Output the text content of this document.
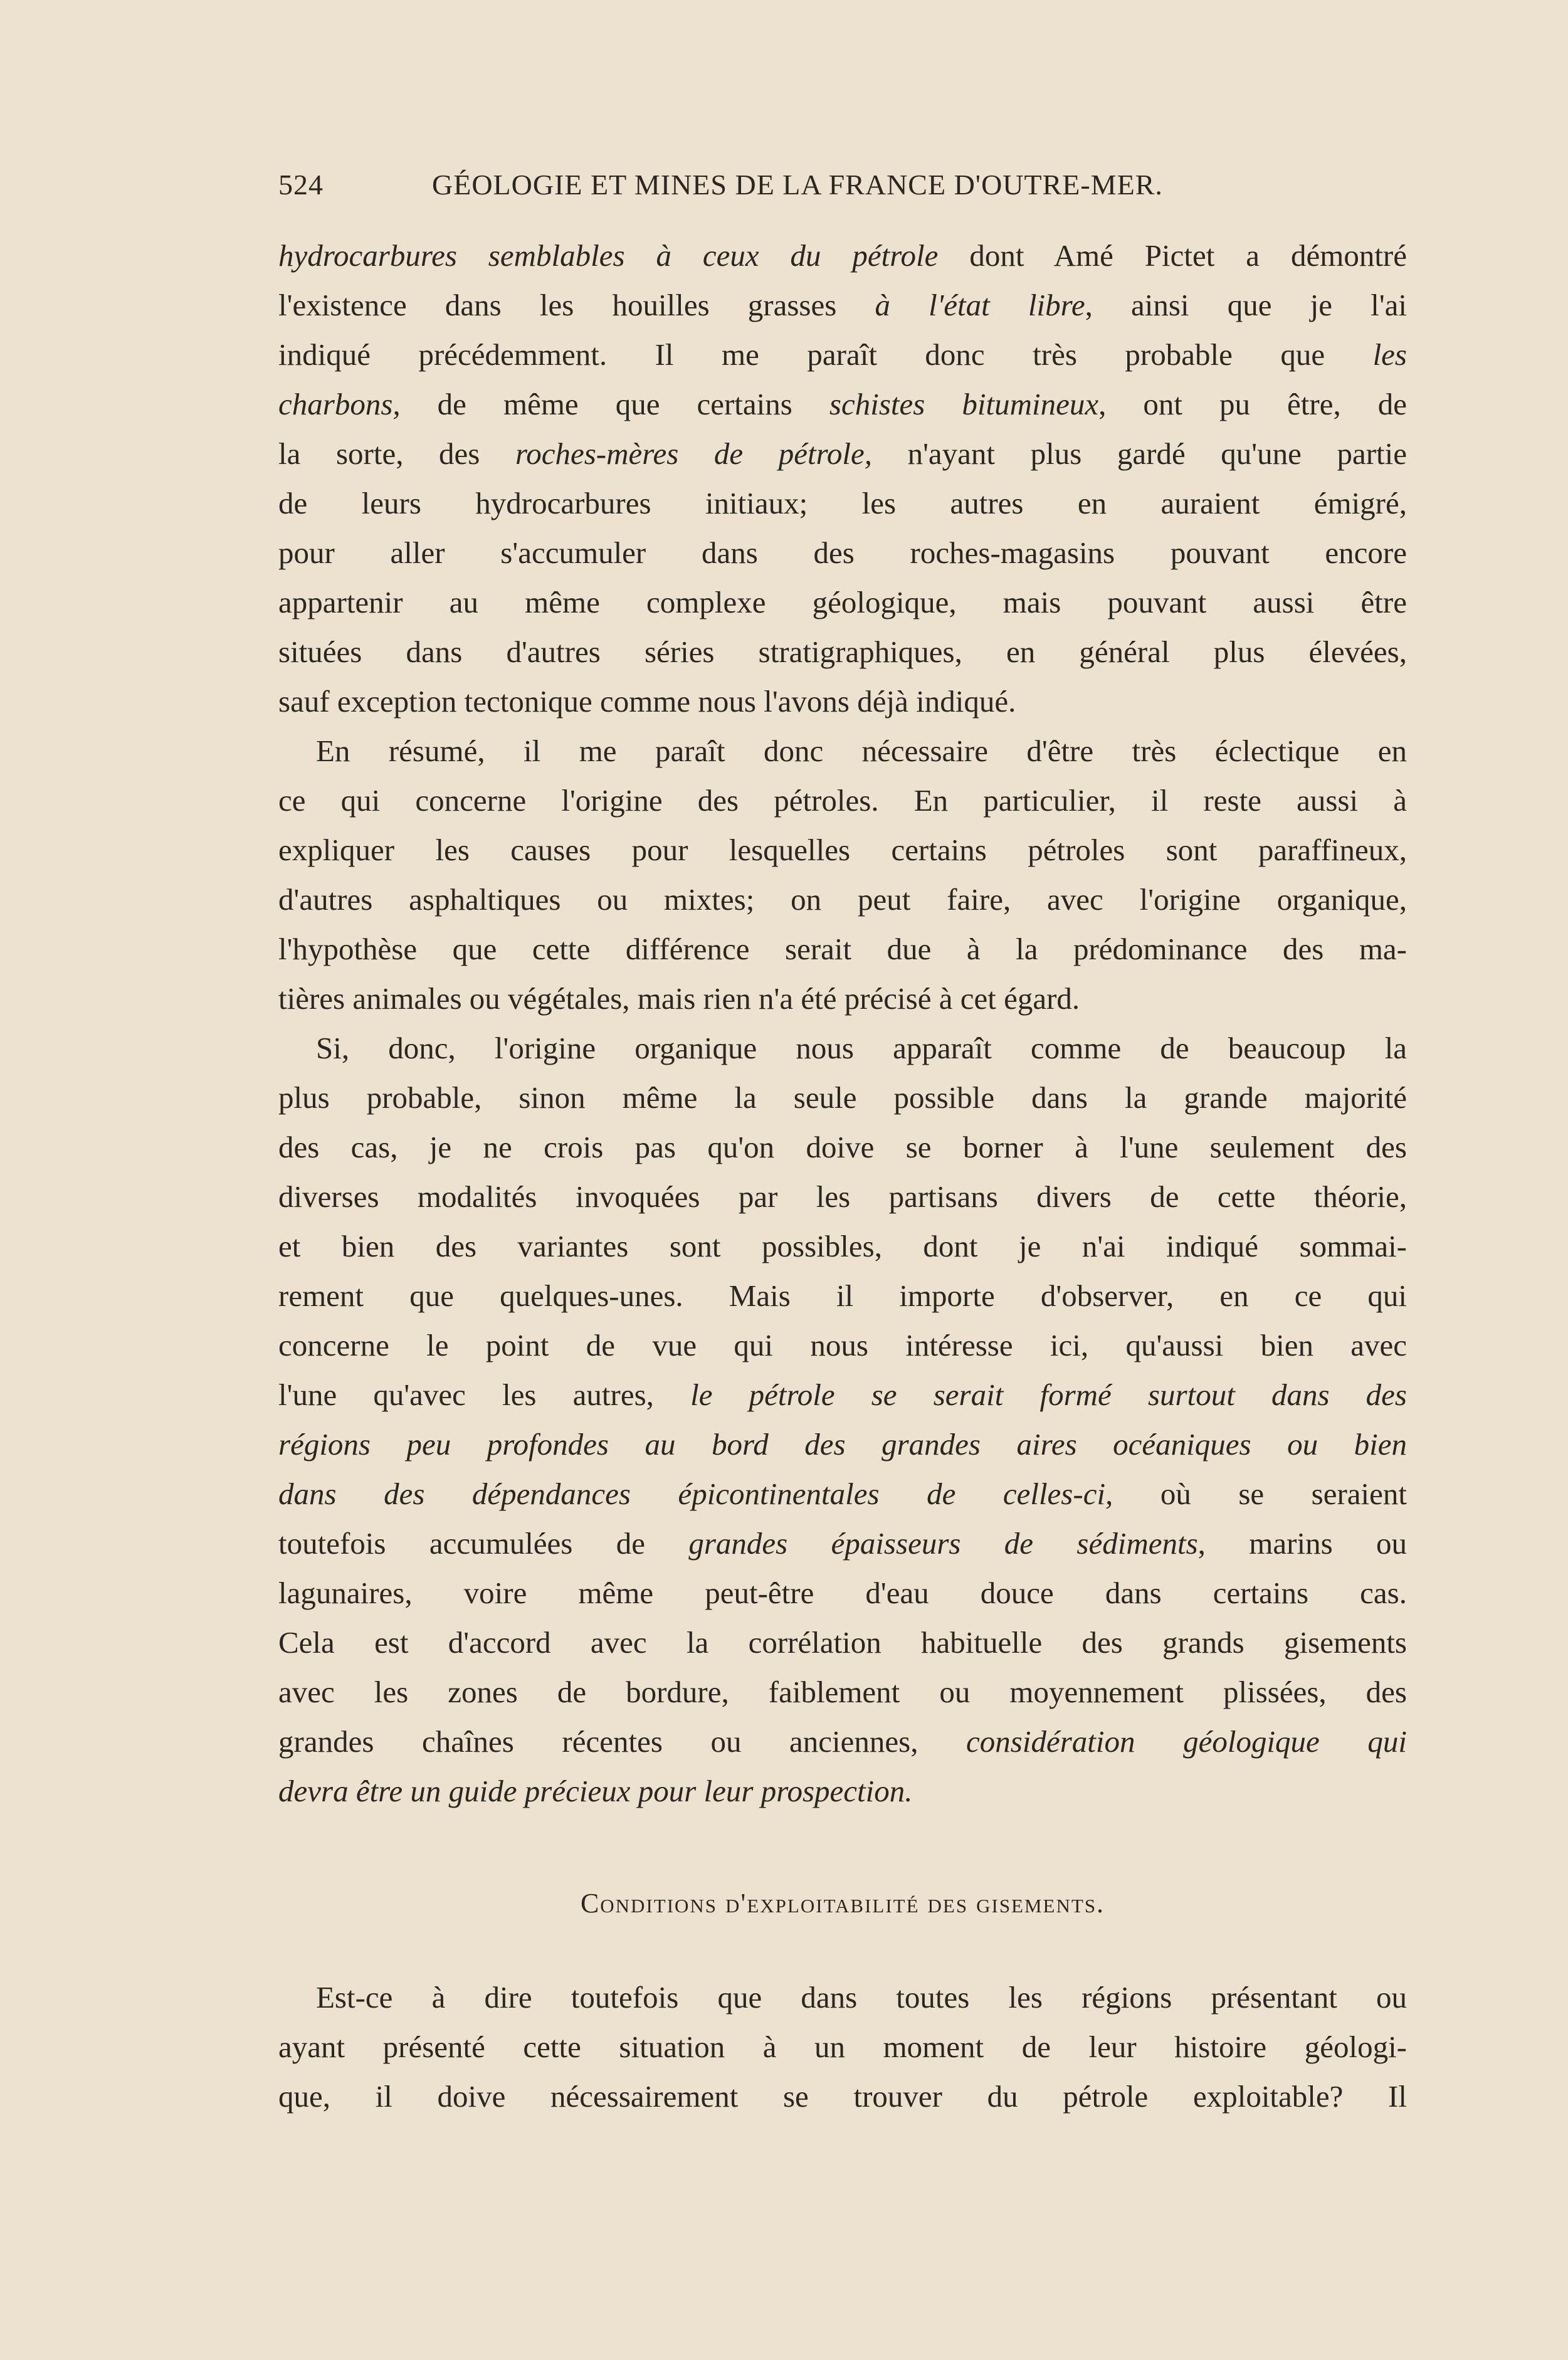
524	GÉOLOGIE ET MINES DE LA FRANCE D'OUTRE-MER.
hydrocarbures semblables à ceux du pétrole dont Amé Pictet a démontré
l'existence dans les houilles grasses à l'état libre, ainsi que je l'ai
indiqué précédemment. Il me paraît donc très probable que les
charbons, de même que certains schistes bitumineux, ont pu être, de
la sorte, des roches-mères de pétrole, n'ayant plus gardé qu'une partie
de leurs hydrocarbures initiaux; les autres en auraient émigré,
pour aller s'accumuler dans des roches-magasins pouvant encore
appartenir au même complexe géologique, mais pouvant aussi être
situées dans d'autres séries stratigraphiques, en général plus élevées,
sauf exception tectonique comme nous l'avons déjà indiqué.
En résumé, il me paraît donc nécessaire d'être très éclectique en
ce qui concerne l'origine des pétroles. En particulier, il reste aussi à
expliquer les causes pour lesquelles certains pétroles sont paraffineux,
d'autres asphaltiques ou mixtes; on peut faire, avec l'origine organique,
l'hypothèse que cette différence serait due à la prédominance des ma-
tières animales ou végétales, mais rien n'a été précisé à cet égard.
Si, donc, l'origine organique nous apparaît comme de beaucoup la
plus probable, sinon même la seule possible dans la grande majorité
des cas, je ne crois pas qu'on doive se borner à l'une seulement des
diverses modalités invoquées par les partisans divers de cette théorie,
et bien des variantes sont possibles, dont je n'ai indiqué sommai-
rement que quelques-unes. Mais il importe d'observer, en ce qui
concerne le point de vue qui nous intéresse ici, qu'aussi bien avec
l'une qu'avec les autres, le pétrole se serait formé surtout dans des
régions peu profondes au bord des grandes aires océaniques ou bien
dans des dépendances épicontinentales de celles-ci, où se seraient
toutefois accumulées de grandes épaisseurs de sédiments, marins ou
lagunaires, voire même peut-être d'eau douce dans certains cas.
Cela est d'accord avec la corrélation habituelle des grands gisements
avec les zones de bordure, faiblement ou moyennement plissées, des
grandes chaînes récentes ou anciennes, considération géologique qui
devra être un guide précieux pour leur prospection.
Conditions d'exploitabilité des gisements.
Est-ce à dire toutefois que dans toutes les régions présentant ou
ayant présenté cette situation à un moment de leur histoire géologi-
que, il doive nécessairement se trouver du pétrole exploitable? Il
